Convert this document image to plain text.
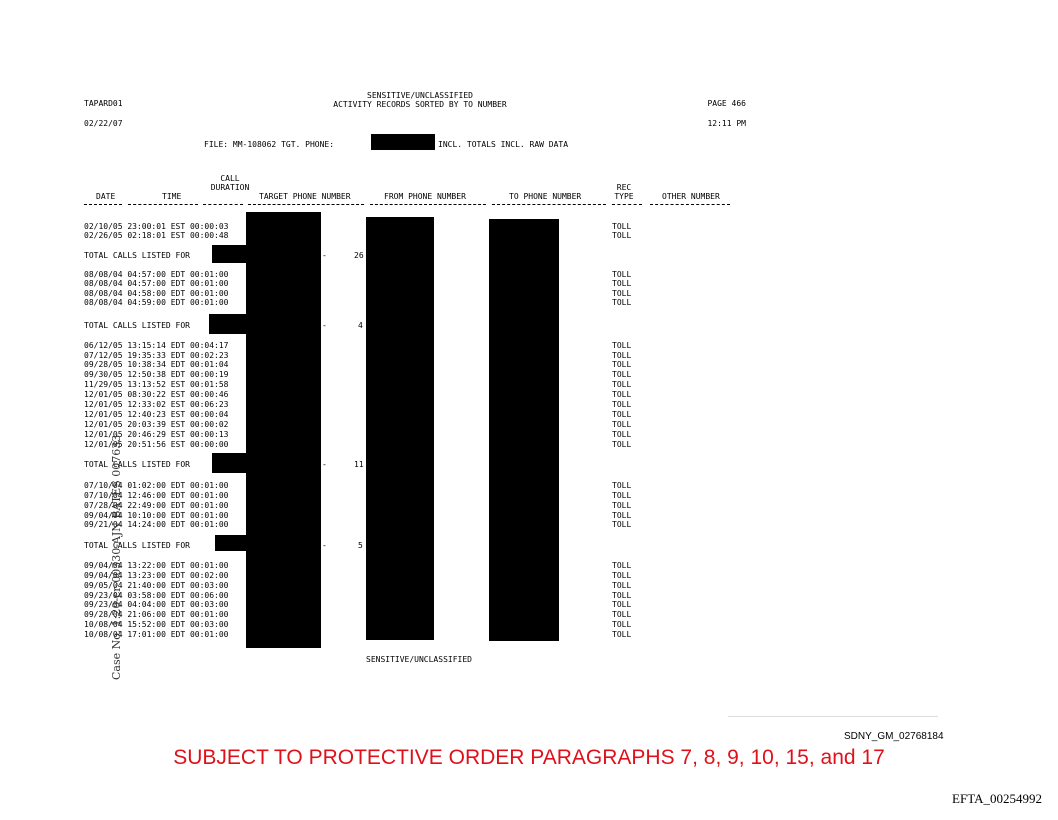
TAPARD01
SENSITIVE/UNCLASSIFIED
ACTIVITY RECORDS SORTED BY TO NUMBER	PAGE 466
02/22/07	12:11 PM
FILE: MM-108062 TGT. PHONE:	INCL. TOTALS INCL. RAW DATA
CALL
DURATION
DATE	TIME	TARGET PHONE NUMBER	FROM PHONE NUMBER	TO PHONE NUMBER
REC
TYPE	OTHER NUMBER
02/10/05 23:00:01 EST 00:00:03	TOLL
02/26/05 02:18:01 EST 00:00:48	TOLL
TOTAL CALLS LISTED FOR	-	26
08/08/04 04:57:00 EDT 00:01:00	TOLL
08/08/04 04:57:00 EDT 00:01:00	TOLL
08/08/04 04:58:00 EDT 00:01:00	TOLL
08/08/04 04:59:00 EDT 00:01:00	TOLL
TOTAL CALLS LISTED FOR	-	4
06/12/05 13:15:14 EDT 00:04:17	TOLL
07/12/05 19:35:33 EDT 00:02:23	TOLL
09/28/05 10:38:34 EDT 00:01:04	TOLL
09/30/05 12:50:38 EDT 00:00:19	TOLL
11/29/05 13:13:52 EST 00:01:58	TOLL
12/01/05 08:30:22 EST 00:00:46	TOLL
12/01/05 12:33:02 EST 00:06:23	TOLL
12/01/05 12:40:23 EST 00:00:04	TOLL
12/01/05 20:03:39 EST 00:00:02	TOLL
12/01/05 20:46:29 EST 00:00:13	TOLL
12/01/05 20:51:56 EST 00:00:00	TOLL
TOTAL CALLS LISTED FOR	-	11
07/10/04 01:02:00 EDT 00:01:00	TOLL
07/10/04 12:46:00 EDT 00:01:00	TOLL
07/28/04 22:49:00 EDT 00:01:00	TOLL
09/04/04 10:10:00 EDT 00:01:00	TOLL
09/21/04 14:24:00 EDT 00:01:00	TOLL
TOTAL CALLS LISTED FOR	-	5
09/04/04 13:22:00 EDT 00:01:00	TOLL
09/04/04 13:23:00 EDT 00:02:00	TOLL
09/05/04 21:40:00 EDT 00:03:00	TOLL
09/23/04 03:58:00 EDT 00:06:00	TOLL
09/23/04 04:04:00 EDT 00:03:00	TOLL
09/28/04 21:06:00 EDT 00:01:00	TOLL
10/08/04 15:52:00 EDT 00:03:00	TOLL
10/08/04 17:01:00 EDT 00:01:00	TOLL
Case No. 1:20-cr-00330-AJN BATES 007633	SENSITIVE/UNCLASSIFIED
SDNY_GM_02768184
SUBJECT TO PROTECTIVE ORDER PARAGRAPHS 7, 8, 9, 10, 15, and 17
EFTA_00254992
